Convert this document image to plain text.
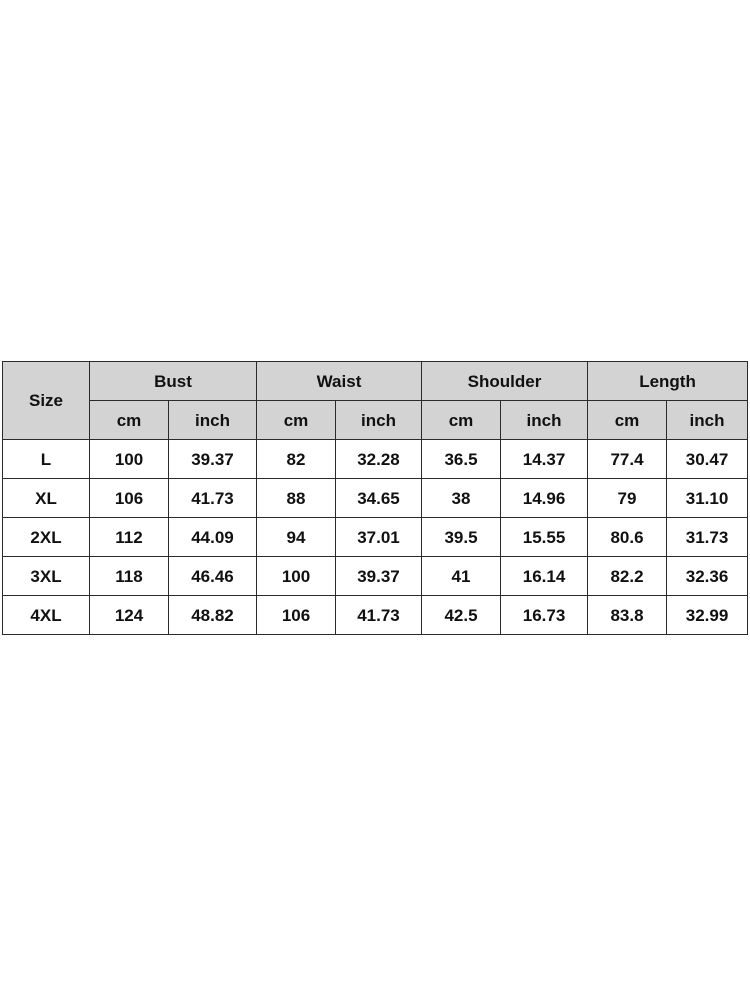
Size	Bust		Waist		Shoulder		Length	
	cm	inch	cm	inch	cm	inch	cm	inch
L	100	39.37	82	32.28	36.5	14.37	77.4	30.47
XL	106	41.73	88	34.65	38	14.96	79	31.10
2XL	112	44.09	94	37.01	39.5	15.55	80.6	31.73
3XL	118	46.46	100	39.37	41	16.14	82.2	32.36
4XL	124	48.82	106	41.73	42.5	16.73	83.8	32.99
